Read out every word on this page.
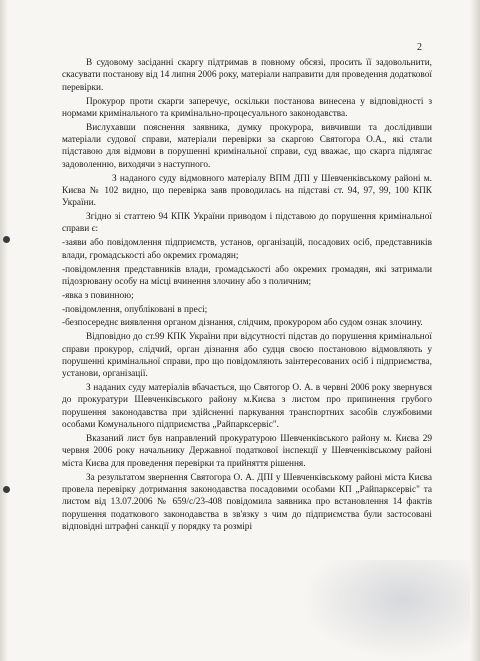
2

В судовому засіданні скаргу підтримав в повному обсязі, просить її задовольнити, скасувати постанову від 14 липня 2006 року, матеріали направити для проведення додаткової перевірки.

Прокурор проти скарги заперечує, оскільки постанова винесена у відповідності з нормами кримінального та кримінально-процесуального законодавства.

Вислухавши пояснення заявника, думку прокурора, вивчивши та дослідивши матеріали судової справи, матеріали перевірки за скаргою Святогора О.А., які стали підставою для відмови в порушенні кримінальної справи, суд вважає, що скарга підлягає задоволенню, виходячи з наступного.

З наданого суду відмовного матеріалу ВПМ ДПІ у Шевченківському районі м. Києва № 102 видно, що перевірка заяв проводилась на підставі ст. 94, 97, 99, 100 КПК України.

Згідно зі статтею 94 КПК України приводом і підставою до порушення кримінальної справи є:

-заяви або повідомлення підприємств, установ, організацій, посадових осіб, представників влади, громадськості або окремих громадян;

-повідомлення представників влади, громадськості або окремих громадян, які затримали підозрювану особу на місці вчинення злочину або з поличним;

-явка з повинною;

-повідомлення, опубліковані в пресі;

-безпосереднє виявлення органом дізнання, слідчим, прокурором або судом ознак злочину.

Відповідно до ст.99 КПК України при відсутності підстав до порушення кримінальної справи прокурор, слідчий, орган дізнання або судця своєю постановою відмовляють у порушенні кримінальної справи, про що повідомляють заінтересованих осіб і підприємства, установи, організації.

З наданих суду матеріалів вбачається, що Святогор О. А. в червні 2006 року звернувся до прокуратури Шевченківського району м.Києва з листом про припинення грубого порушення законодавства при здійсненні паркування транспортних засобів службовими особами Комунального підприємства „Райпарксервіс".

Вказаний лист був направлений прокуратурою Шевченківського району м. Києва 29 червня 2006 року начальнику Державної податкової інспекції у Шевченківському районі міста Києва для проведення перевірки та прийняття рішення.

За результатом звернення Святогора О. А. ДПІ у Шевченківському районі міста Києва провела перевірку дотримання законодавства посадовими особами КП „Райпарксервіс" та листом від 13.07.2006 № 659/с/23-408 повідомила заявника про встановлення 14 фактів порушення податкового законодавства в зв'язку з чим до підприємства були застосовані відповідні штрафні санкції у порядку та розмірі
